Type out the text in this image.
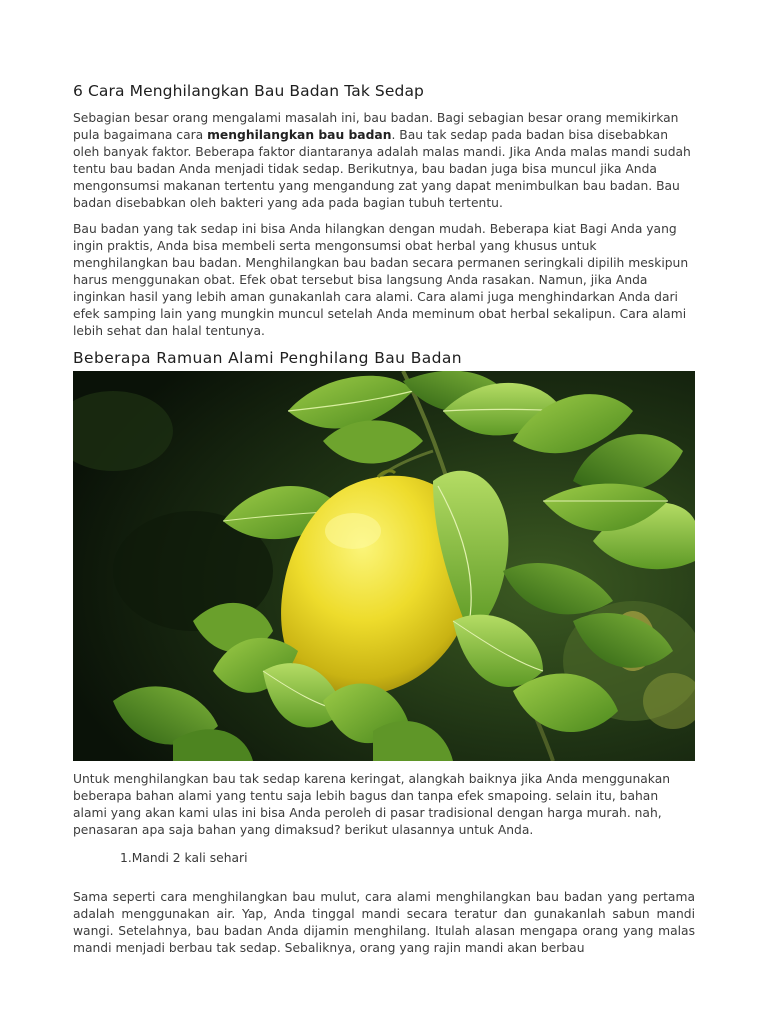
6 Cara Menghilangkan Bau Badan Tak Sedap

Sebagian besar orang mengalami masalah ini, bau badan. Bagi sebagian besar orang memikirkan pula bagaimana cara menghilangkan bau badan. Bau tak sedap pada badan bisa disebabkan oleh banyak faktor. Beberapa faktor diantaranya adalah malas mandi. Jika Anda malas mandi sudah tentu bau badan Anda menjadi tidak sedap. Berikutnya, bau badan juga bisa muncul jika Anda mengonsumsi makanan tertentu yang mengandung zat yang dapat menimbulkan bau badan. Bau badan disebabkan oleh bakteri yang ada pada bagian tubuh tertentu.

Bau badan yang tak sedap ini bisa Anda hilangkan dengan mudah. Beberapa kiat Bagi Anda yang ingin praktis, Anda bisa membeli serta mengonsumsi obat herbal yang khusus untuk menghilangkan bau badan. Menghilangkan bau badan secara permanen seringkali dipilih meskipun harus menggunakan obat. Efek obat tersebut bisa langsung Anda rasakan. Namun, jika Anda inginkan hasil yang lebih aman gunakanlah cara alami. Cara alami juga menghindarkan Anda dari efek samping lain yang mungkin muncul setelah Anda meminum obat herbal sekalipun. Cara alami lebih sehat dan halal tentunya.

Beberapa Ramuan Alami Penghilang Bau Badan

Untuk menghilangkan bau tak sedap karena keringat, alangkah baiknya jika Anda menggunakan beberapa bahan alami yang tentu saja lebih bagus dan tanpa efek smapoing. selain itu, bahan alami yang akan kami ulas ini bisa Anda peroleh di pasar tradisional dengan harga murah. nah, penasaran apa saja bahan yang dimaksud? berikut ulasannya untuk Anda.

1.Mandi 2 kali sehari

Sama seperti cara menghilangkan bau mulut, cara alami menghilangkan bau badan yang pertama adalah menggunakan air. Yap, Anda tinggal mandi secara teratur dan gunakanlah sabun mandi wangi. Setelahnya, bau badan Anda dijamin menghilang. Itulah alasan mengapa orang yang malas mandi menjadi berbau tak sedap. Sebaliknya, orang yang rajin mandi akan berbau
